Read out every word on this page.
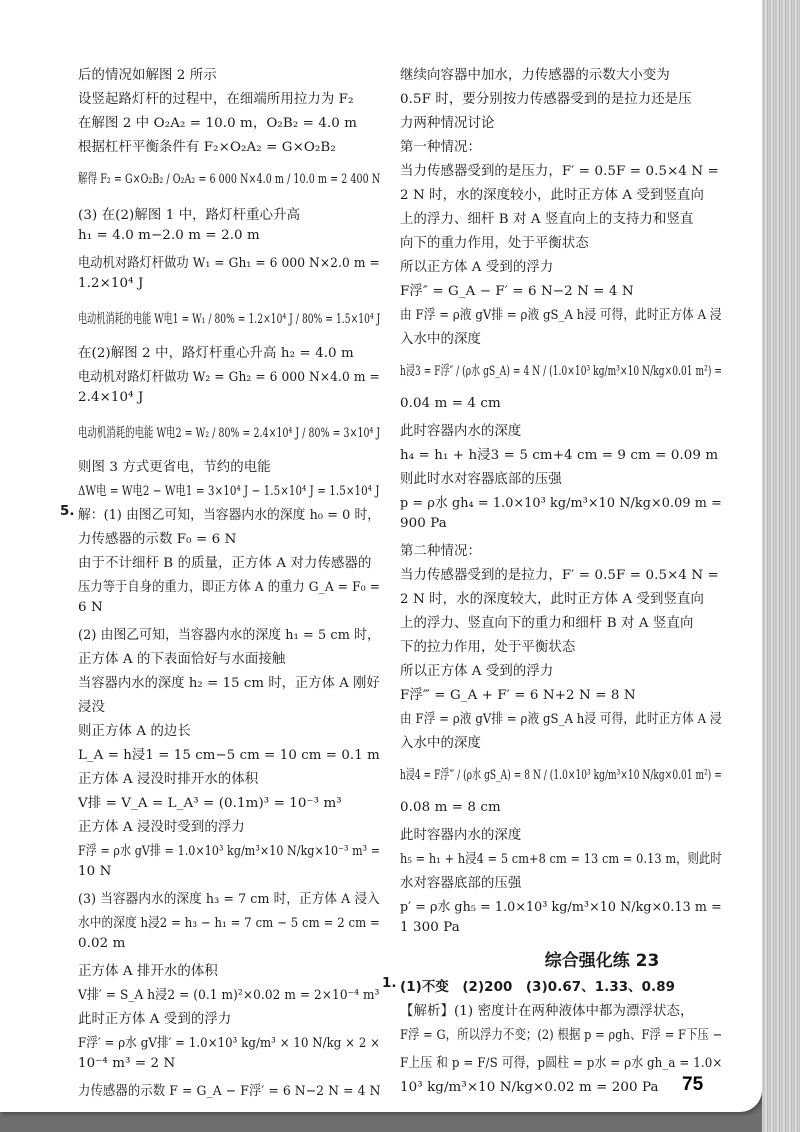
后的情况如解图 2 所示
设竖起路灯杆的过程中，在细端所用拉力为 F₂
在解图 2 中 O₂A₂ = 10.0 m，O₂B₂ = 4.0 m
根据杠杆平衡条件有 F₂×O₂A₂ = G×O₂B₂
解得 F₂ = G×O₂B₂ / O₂A₂ = 6 000 N×4.0 m / 10.0 m = 2 400 N
(3) 在(2)解图 1 中，路灯杆重心升高
h₁ = 4.0 m−2.0 m = 2.0 m
电动机对路灯杆做功 W₁ = Gh₁ = 6 000 N×2.0 m =
1.2×10⁴ J
电动机消耗的电能 W电1 = W₁ / 80% = 1.2×10⁴ J / 80% = 1.5×10⁴ J
在(2)解图 2 中，路灯杆重心升高 h₂ = 4.0 m
电动机对路灯杆做功 W₂ = Gh₂ = 6 000 N×4.0 m =
2.4×10⁴ J
电动机消耗的电能 W电2 = W₂ / 80% = 2.4×10⁴ J / 80% = 3×10⁴ J
则图 3 方式更省电，节约的电能
ΔW电 = W电2 − W电1 = 3×10⁴ J − 1.5×10⁴ J = 1.5×10⁴ J
5. 解：(1) 由图乙可知，当容器内水的深度 h₀ = 0 时，
力传感器的示数 F₀ = 6 N
由于不计细杆 B 的质量，正方体 A 对力传感器的
压力等于自身的重力，即正方体 A 的重力 G_A = F₀ =
6 N
(2) 由图乙可知，当容器内水的深度 h₁ = 5 cm 时，
正方体 A 的下表面恰好与水面接触
当容器内水的深度 h₂ = 15 cm 时，正方体 A 刚好
浸没
则正方体 A 的边长
L_A = h浸1 = 15 cm−5 cm = 10 cm = 0.1 m
正方体 A 浸没时排开水的体积
V排 = V_A = L_A³ = (0.1m)³ = 10⁻³ m³
正方体 A 浸没时受到的浮力
F浮 = ρ水 gV排 = 1.0×10³ kg/m³×10 N/kg×10⁻³ m³ =
10 N
(3) 当容器内水的深度 h₃ = 7 cm 时，正方体 A 浸入
水中的深度 h浸2 = h₃ − h₁ = 7 cm − 5 cm = 2 cm =
0.02 m
正方体 A 排开水的体积
V排′ = S_A h浸2 = (0.1 m)²×0.02 m = 2×10⁻⁴ m³
此时正方体 A 受到的浮力
F浮′ = ρ水 gV排′ = 1.0×10³ kg/m³ × 10 N/kg × 2 ×
10⁻⁴ m³ = 2 N
力传感器的示数 F = G_A − F浮′ = 6 N−2 N = 4 N
继续向容器中加水，力传感器的示数大小变为
0.5F 时，要分别按力传感器受到的是拉力还是压
力两种情况讨论
第一种情况：
当力传感器受到的是压力，F′ = 0.5F = 0.5×4 N =
2 N 时，水的深度较小，此时正方体 A 受到竖直向
上的浮力、细杆 B 对 A 竖直向上的支持力和竖直
向下的重力作用，处于平衡状态
所以正方体 A 受到的浮力
F浮″ = G_A − F′ = 6 N−2 N = 4 N
由 F浮 = ρ液 gV排 = ρ液 gS_A h浸 可得，此时正方体 A 浸
入水中的深度
h浸3 = F浮″ / (ρ水 gS_A) = 4 N / (1.0×10³ kg/m³×10 N/kg×0.01 m²) =
0.04 m = 4 cm
此时容器内水的深度
h₄ = h₁ + h浸3 = 5 cm+4 cm = 9 cm = 0.09 m
则此时水对容器底部的压强
p = ρ水 gh₄ = 1.0×10³ kg/m³×10 N/kg×0.09 m =
900 Pa
第二种情况：
当力传感器受到的是拉力，F′ = 0.5F = 0.5×4 N =
2 N 时，水的深度较大，此时正方体 A 受到竖直向
上的浮力、竖直向下的重力和细杆 B 对 A 竖直向
下的拉力作用，处于平衡状态
所以正方体 A 受到的浮力
F浮‴ = G_A + F′ = 6 N+2 N = 8 N
由 F浮 = ρ液 gV排 = ρ液 gS_A h浸 可得，此时正方体 A 浸
入水中的深度
h浸4 = F浮‴ / (ρ水 gS_A) = 8 N / (1.0×10³ kg/m³×10 N/kg×0.01 m²) =
0.08 m = 8 cm
此时容器内水的深度
h₅ = h₁ + h浸4 = 5 cm+8 cm = 13 cm = 0.13 m，则此时
水对容器底部的压强
p′ = ρ水 gh₅ = 1.0×10³ kg/m³×10 N/kg×0.13 m =
1 300 Pa
综合强化练 23
1. (1)不变　(2)200　(3)0.67、1.33、0.89
【解析】(1) 密度计在两种液体中都为漂浮状态，
F浮 = G，所以浮力不变；(2) 根据 p = ρgh、F浮 = F下压 −
F上压 和 p = F/S 可得，p圆柱 = p水 = ρ水 gh_a = 1.0×
10³ kg/m³×10 N/kg×0.02 m = 200 Pa 75
